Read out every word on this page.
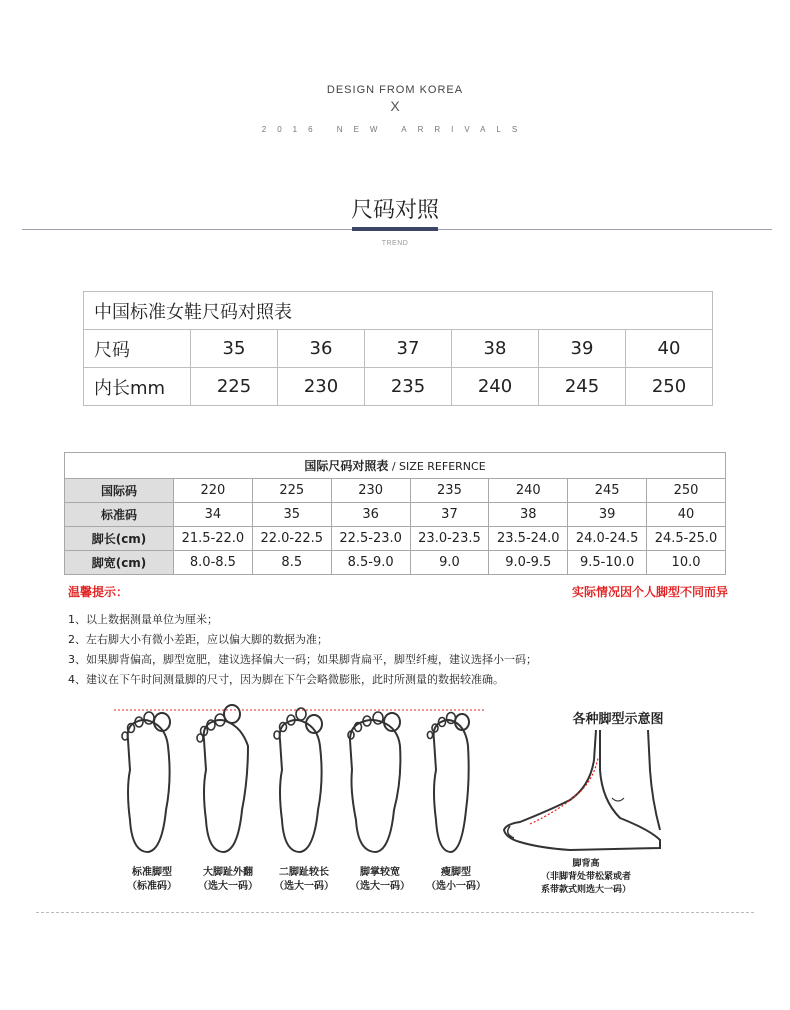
DESIGN FROM KOREA
X
2016 NEW ARRIVALS
尺码对照
TREND
中国标准女鞋尺码对照表						
尺码	35	36	37	38	39	40
内长mm	225	230	235	240	245	250
国际尺码对照表 / SIZE REFERNCE							
国际码	220	225	230	235	240	245	250
标准码	34	35	36	37	38	39	40
脚长(cm)	21.5-22.0	22.0-22.5	22.5-23.0	23.0-23.5	23.5-24.0	24.0-24.5	24.5-25.0
脚宽(cm)	8.0-8.5	8.5	8.5-9.0	9.0	9.0-9.5	9.5-10.0	10.0
温馨提示：	实际情况因个人脚型不同而异
1、以上数据测量单位为厘米；
2、左右脚大小有微小差距，应以偏大脚的数据为准；
3、如果脚背偏高，脚型宽肥，建议选择偏大一码；如果脚背扁平，脚型纤瘦，建议选择小一码；
4、建议在下午时间测量脚的尺寸，因为脚在下午会略微膨胀，此时所测量的数据较准确。
标准脚型
（标准码）
大脚趾外翻
（选大一码）
二脚趾较长
（选大一码）
脚掌较宽
（选大一码）
瘦脚型
（选小一码）
各种脚型示意图
脚背高
（非脚背处带松紧或者
系带款式则选大一码）
